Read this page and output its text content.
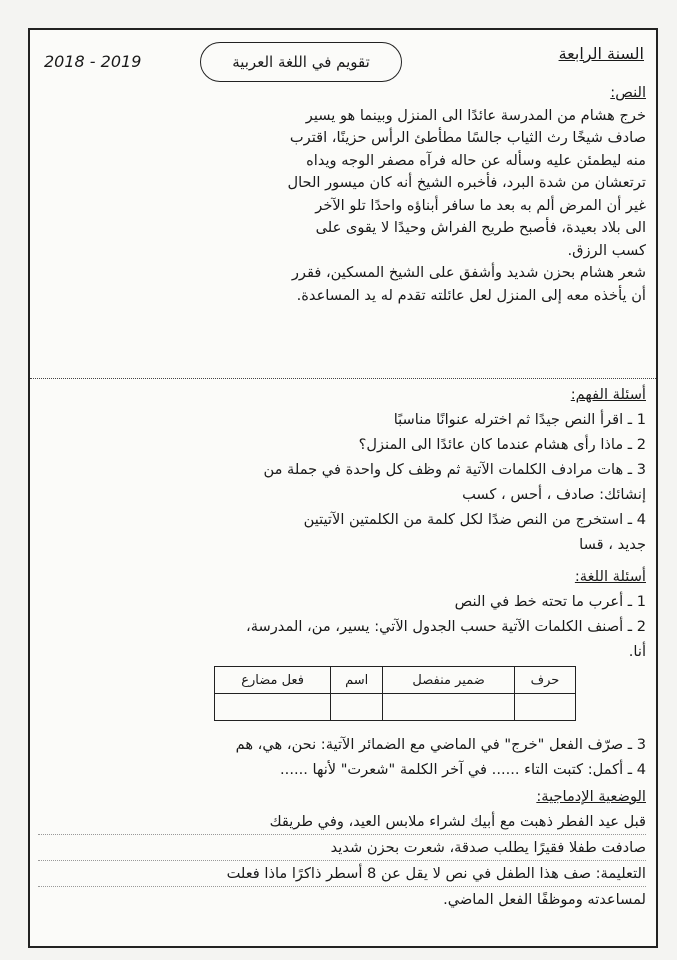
2018 - 2019	تقويم في اللغة العربية	السنة الرابعة

النص:

خرج هشام من المدرسة عائدًا الى المنزل وبينما هو يسير

صادف شيخًا رث الثياب جالسًا مطأطئ الرأس حزينًا، اقترب

منه ليطمئن عليه وسأله عن حاله فرآه مصفر الوجه ويداه

ترتعشان من شدة البرد، فأخبره الشيخ أنه كان ميسور الحال

غير أن المرض ألم به بعد ما سافر أبناؤه واحدًا تلو الآخر

الى بلاد بعيدة، فأصبح طريح الفراش وحيدًا لا يقوى على

كسب الرزق.

شعر هشام بحزن شديد وأشفق على الشيخ المسكين، فقرر

أن يأخذه معه إلى المنزل لعل عائلته تقدم له يد المساعدة.

أسئلة الفهم:

1 ـ اقرأ النص جيدًا ثم اخترله عنوانًا مناسبًا

2 ـ ماذا رأى هشام عندما كان عائدًا الى المنزل؟

3 ـ هات مرادف الكلمات الآتية ثم وظف كل واحدة في جملة من

إنشائك: صادف ، أحس ، كسب

4 ـ استخرج من النص ضدًا لكل كلمة من الكلمتين الآتيتين

جديد ، قسا

أسئلة اللغة:

1 ـ أعرب ما تحته خط في النص

2 ـ أصنف الكلمات الآتية حسب الجدول الآتي: يسير، من، المدرسة،

أنا.

حرف	ضمير منفصل	اسم	فعل مضارع

3 ـ صرّف الفعل "خرج" في الماضي مع الضمائر الآتية: نحن، هي، هم

4 ـ أكمل: كتبت التاء ...... في آخر الكلمة "شعرت" لأنها ......

الوضعية الإدماجية:

قبل عيد الفطر ذهبت مع أبيك لشراء ملابس العيد، وفي طريقك

صادفت طفلا فقيرًا يطلب صدقة، شعرت بحزن شديد

التعليمة: صف هذا الطفل في نص لا يقل عن 8 أسطر ذاكرًا ماذا فعلت

لمساعدته وموظفًا الفعل الماضي.
